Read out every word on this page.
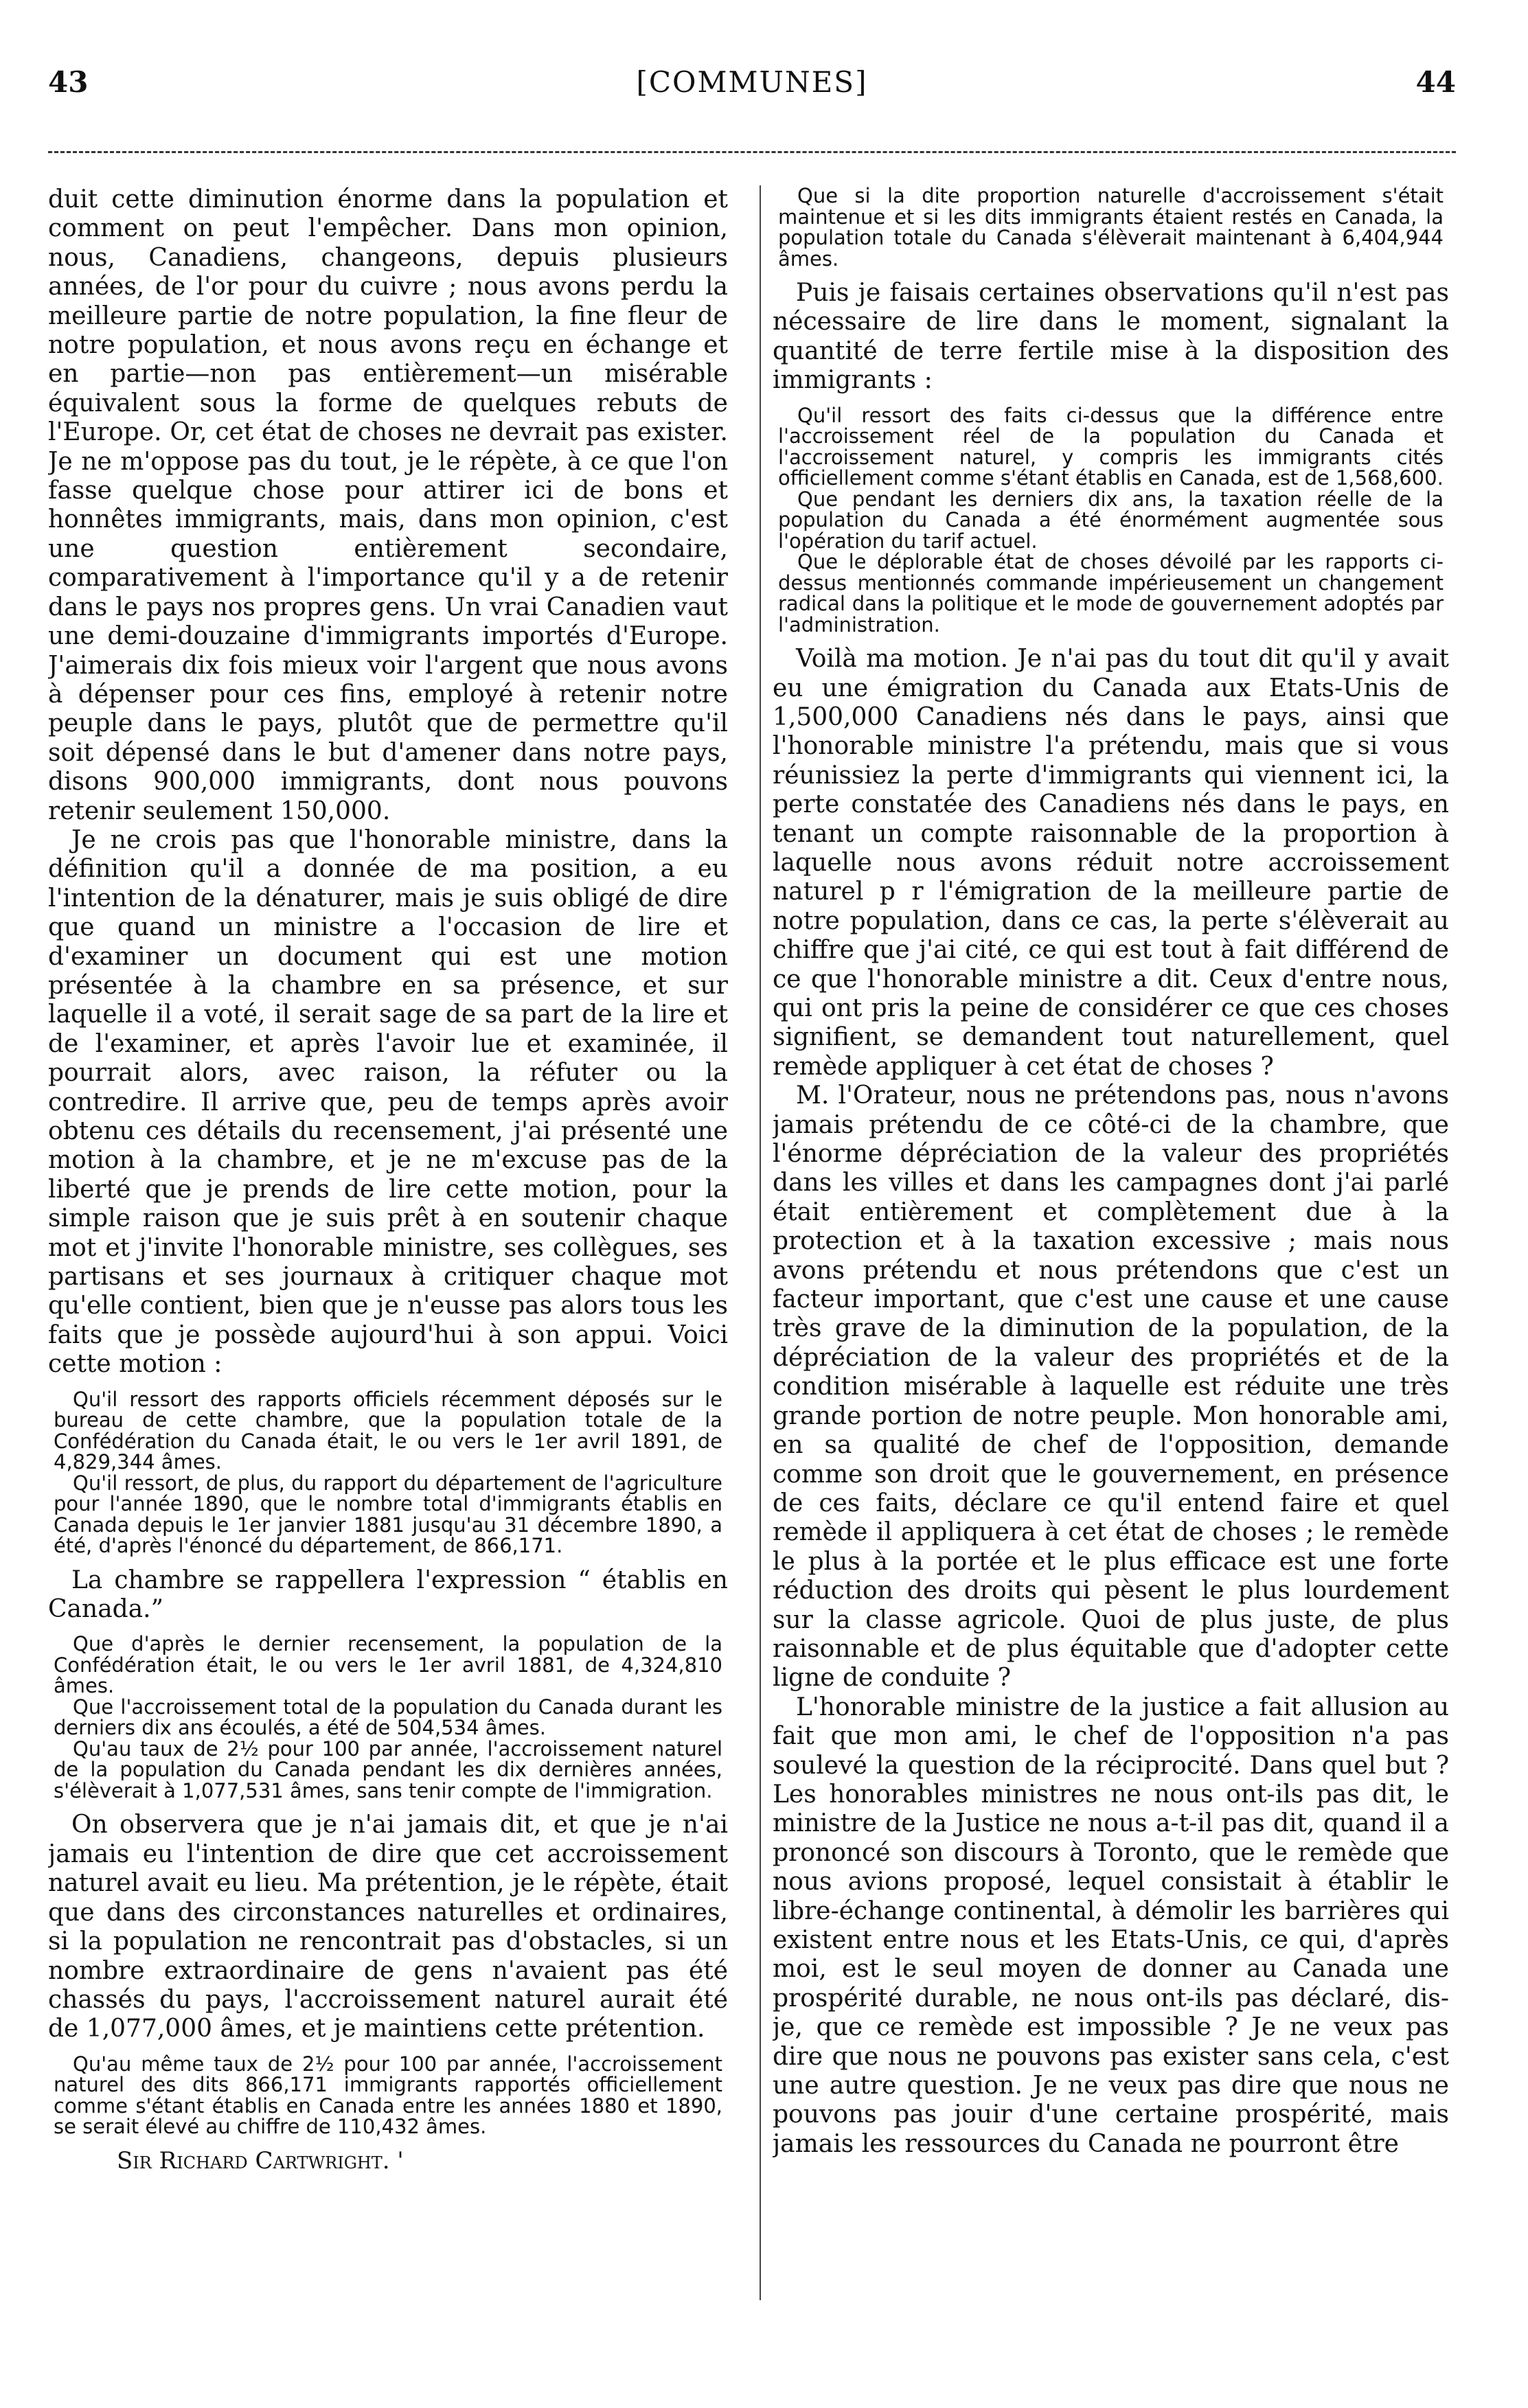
43	[COMMUNES]	44

duit cette diminution énorme dans la population et comment on peut l'empêcher. Dans mon opinion, nous, Canadiens, changeons, depuis plusieurs années, de l'or pour du cuivre ; nous avons perdu la meilleure partie de notre population, la fine fleur de notre population, et nous avons reçu en échange et en partie—non pas entièrement—un misérable équivalent sous la forme de quelques rebuts de l'Europe. Or, cet état de choses ne devrait pas exister. Je ne m'oppose pas du tout, je le répète, à ce que l'on fasse quelque chose pour attirer ici de bons et honnêtes immigrants, mais, dans mon opinion, c'est une question entièrement secondaire, comparativement à l'importance qu'il y a de retenir dans le pays nos propres gens. Un vrai Canadien vaut une demi-douzaine d'immigrants importés d'Europe. J'aimerais dix fois mieux voir l'argent que nous avons à dépenser pour ces fins, employé à retenir notre peuple dans le pays, plutôt que de permettre qu'il soit dépensé dans le but d'amener dans notre pays, disons 900,000 immigrants, dont nous pouvons retenir seulement 150,000.

Je ne crois pas que l'honorable ministre, dans la définition qu'il a donnée de ma position, a eu l'intention de la dénaturer, mais je suis obligé de dire que quand un ministre a l'occasion de lire et d'examiner un document qui est une motion présentée à la chambre en sa présence, et sur laquelle il a voté, il serait sage de sa part de la lire et de l'examiner, et après l'avoir lue et examinée, il pourrait alors, avec raison, la réfuter ou la contredire. Il arrive que, peu de temps après avoir obtenu ces détails du recensement, j'ai présenté une motion à la chambre, et je ne m'excuse pas de la liberté que je prends de lire cette motion, pour la simple raison que je suis prêt à en soutenir chaque mot et j'invite l'honorable ministre, ses collègues, ses partisans et ses journaux à critiquer chaque mot qu'elle contient, bien que je n'eusse pas alors tous les faits que je possède aujourd'hui à son appui. Voici cette motion :

Qu'il ressort des rapports officiels récemment déposés sur le bureau de cette chambre, que la population totale de la Confédération du Canada était, le ou vers le 1er avril 1891, de 4,829,344 âmes.

Qu'il ressort, de plus, du rapport du département de l'agriculture pour l'année 1890, que le nombre total d'immigrants établis en Canada depuis le 1er janvier 1881 jusqu'au 31 décembre 1890, a été, d'après l'énoncé du département, de 866,171.

La chambre se rappellera l'expression “ établis en Canada.”

Que d'après le dernier recensement, la population de la Confédération était, le ou vers le 1er avril 1881, de 4,324,810 âmes.

Que l'accroissement total de la population du Canada durant les derniers dix ans écoulés, a été de 504,534 âmes.

Qu'au taux de 2½ pour 100 par année, l'accroissement naturel de la population du Canada pendant les dix dernières années, s'élèverait à 1,077,531 âmes, sans tenir compte de l'immigration.

On observera que je n'ai jamais dit, et que je n'ai jamais eu l'intention de dire que cet accroissement naturel avait eu lieu. Ma prétention, je le répète, était que dans des circonstances naturelles et ordinaires, si la population ne rencontrait pas d'obstacles, si un nombre extraordinaire de gens n'avaient pas été chassés du pays, l'accroissement naturel aurait été de 1,077,000 âmes, et je maintiens cette prétention.

Qu'au même taux de 2½ pour 100 par année, l'accroissement naturel des dits 866,171 immigrants rapportés officiellement comme s'étant établis en Canada entre les années 1880 et 1890, se serait élevé au chiffre de 110,432 âmes.

Sir Richard Cartwright. '

Que si la dite proportion naturelle d'accroissement s'était maintenue et si les dits immigrants étaient restés en Canada, la population totale du Canada s'élèverait maintenant à 6,404,944 âmes.

Puis je faisais certaines observations qu'il n'est pas nécessaire de lire dans le moment, signalant la quantité de terre fertile mise à la disposition des immigrants :

Qu'il ressort des faits ci-dessus que la différence entre l'accroissement réel de la population du Canada et l'accroissement naturel, y compris les immigrants cités officiellement comme s'étant établis en Canada, est de 1,568,600.

Que pendant les derniers dix ans, la taxation réelle de la population du Canada a été énormément augmentée sous l'opération du tarif actuel.

Que le déplorable état de choses dévoilé par les rapports ci-dessus mentionnés commande impérieusement un changement radical dans la politique et le mode de gouvernement adoptés par l'administration.

Voilà ma motion. Je n'ai pas du tout dit qu'il y avait eu une émigration du Canada aux Etats-Unis de 1,500,000 Canadiens nés dans le pays, ainsi que l'honorable ministre l'a prétendu, mais que si vous réunissiez la perte d'immigrants qui viennent ici, la perte constatée des Canadiens nés dans le pays, en tenant un compte raisonnable de la proportion à laquelle nous avons réduit notre accroissement naturel p r l'émigration de la meilleure partie de notre population, dans ce cas, la perte s'élèverait au chiffre que j'ai cité, ce qui est tout à fait différend de ce que l'honorable ministre a dit. Ceux d'entre nous, qui ont pris la peine de considérer ce que ces choses signifient, se demandent tout naturellement, quel remède appliquer à cet état de choses ?

M. l'Orateur, nous ne prétendons pas, nous n'avons jamais prétendu de ce côté-ci de la chambre, que l'énorme dépréciation de la valeur des propriétés dans les villes et dans les campagnes dont j'ai parlé était entièrement et complètement due à la protection et à la taxation excessive ; mais nous avons prétendu et nous prétendons que c'est un facteur important, que c'est une cause et une cause très grave de la diminution de la population, de la dépréciation de la valeur des propriétés et de la condition misérable à laquelle est réduite une très grande portion de notre peuple. Mon honorable ami, en sa qualité de chef de l'opposition, demande comme son droit que le gouvernement, en présence de ces faits, déclare ce qu'il entend faire et quel remède il appliquera à cet état de choses ; le remède le plus à la portée et le plus efficace est une forte réduction des droits qui pèsent le plus lourdement sur la classe agricole. Quoi de plus juste, de plus raisonnable et de plus équitable que d'adopter cette ligne de conduite ?

L'honorable ministre de la justice a fait allusion au fait que mon ami, le chef de l'opposition n'a pas soulevé la question de la réciprocité. Dans quel but ? Les honorables ministres ne nous ont-ils pas dit, le ministre de la Justice ne nous a-t-il pas dit, quand il a prononcé son discours à Toronto, que le remède que nous avions proposé, lequel consistait à établir le libre-échange continental, à démolir les barrières qui existent entre nous et les Etats-Unis, ce qui, d'après moi, est le seul moyen de donner au Canada une prospérité durable, ne nous ont-ils pas déclaré, dis-je, que ce remède est impossible ? Je ne veux pas dire que nous ne pouvons pas exister sans cela, c'est une autre question. Je ne veux pas dire que nous ne pouvons pas jouir d'une certaine prospérité, mais jamais les ressources du Canada ne pourront être
